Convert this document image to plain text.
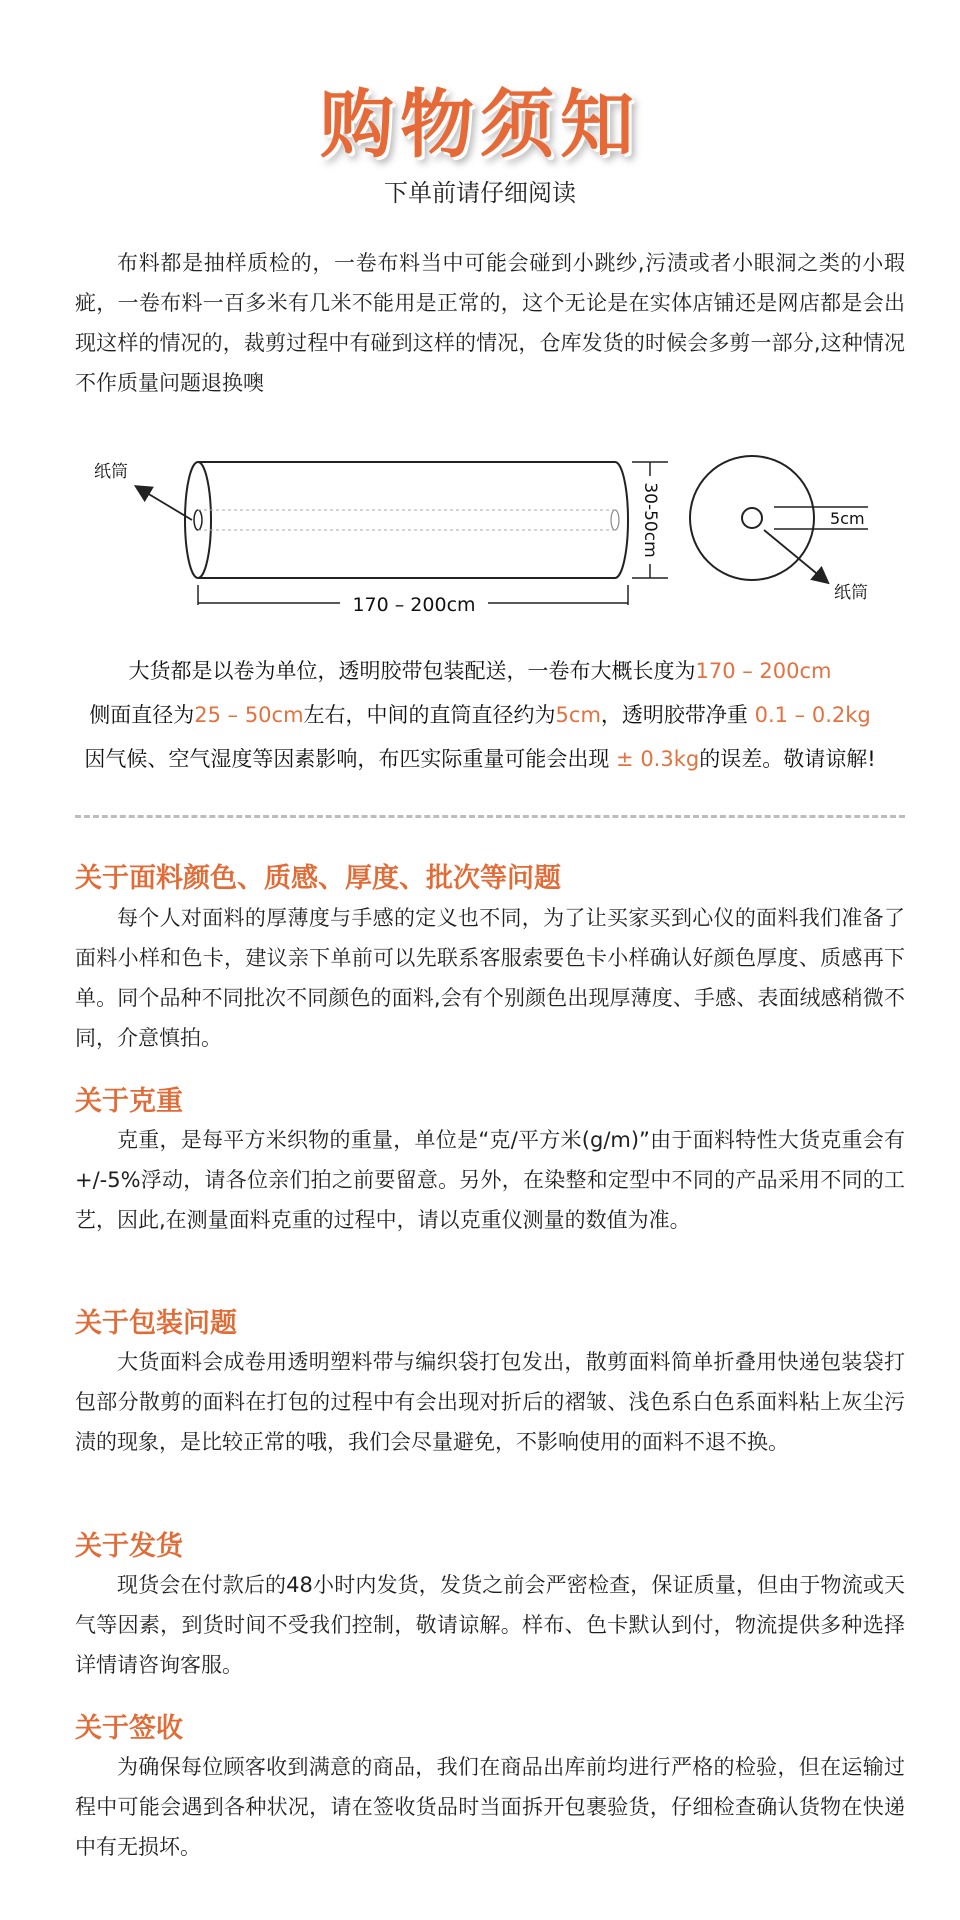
购物须知
下单前请仔细阅读
布料都是抽样质检的，一卷布料当中可能会碰到小跳纱,污渍或者小眼洞之类的小瑕疵，一卷布料一百多米有几米不能用是正常的，这个无论是在实体店铺还是网店都是会出现这样的情况的，裁剪过程中有碰到这样的情况，仓库发货的时候会多剪一部分,这种情况不作质量问题退换噢
纸筒
170 – 200cm
30-50cm	5cm
纸筒
大货都是以卷为单位，透明胶带包装配送，一卷布大概长度为170 – 200cm
侧面直径为25 – 50cm左右，中间的直筒直径约为5cm，透明胶带净重 0.1 – 0.2kg
因气候、空气湿度等因素影响，布匹实际重量可能会出现 ± 0.3kg的误差。敬请谅解!
关于面料颜色、质感、厚度、批次等问题
每个人对面料的厚薄度与手感的定义也不同，为了让买家买到心仪的面料我们准备了面料小样和色卡，建议亲下单前可以先联系客服索要色卡小样确认好颜色厚度、质感再下单。同个品种不同批次不同颜色的面料,会有个别颜色出现厚薄度、手感、表面绒感稍微不同，介意慎拍。
关于克重
克重，是每平方米织物的重量，单位是“克/平方米(g/m)”由于面料特性大货克重会有 +/-5%浮动，请各位亲们拍之前要留意。另外，在染整和定型中不同的产品采用不同的工艺，因此,在测量面料克重的过程中，请以克重仪测量的数值为准。
关于包装问题
大货面料会成卷用透明塑料带与编织袋打包发出，散剪面料简单折叠用快递包装袋打包部分散剪的面料在打包的过程中有会出现对折后的褶皱、浅色系白色系面料粘上灰尘污渍的现象，是比较正常的哦，我们会尽量避免，不影响使用的面料不退不换。
关于发货
现货会在付款后的48小时内发货，发货之前会严密检查，保证质量，但由于物流或天气等因素，到货时间不受我们控制，敬请谅解。样布、色卡默认到付，物流提供多种选择详情请咨询客服。
关于签收
为确保每位顾客收到满意的商品，我们在商品出库前均进行严格的检验，但在运输过程中可能会遇到各种状况，请在签收货品时当面拆开包裹验货，仔细检查确认货物在快递中有无损坏。
